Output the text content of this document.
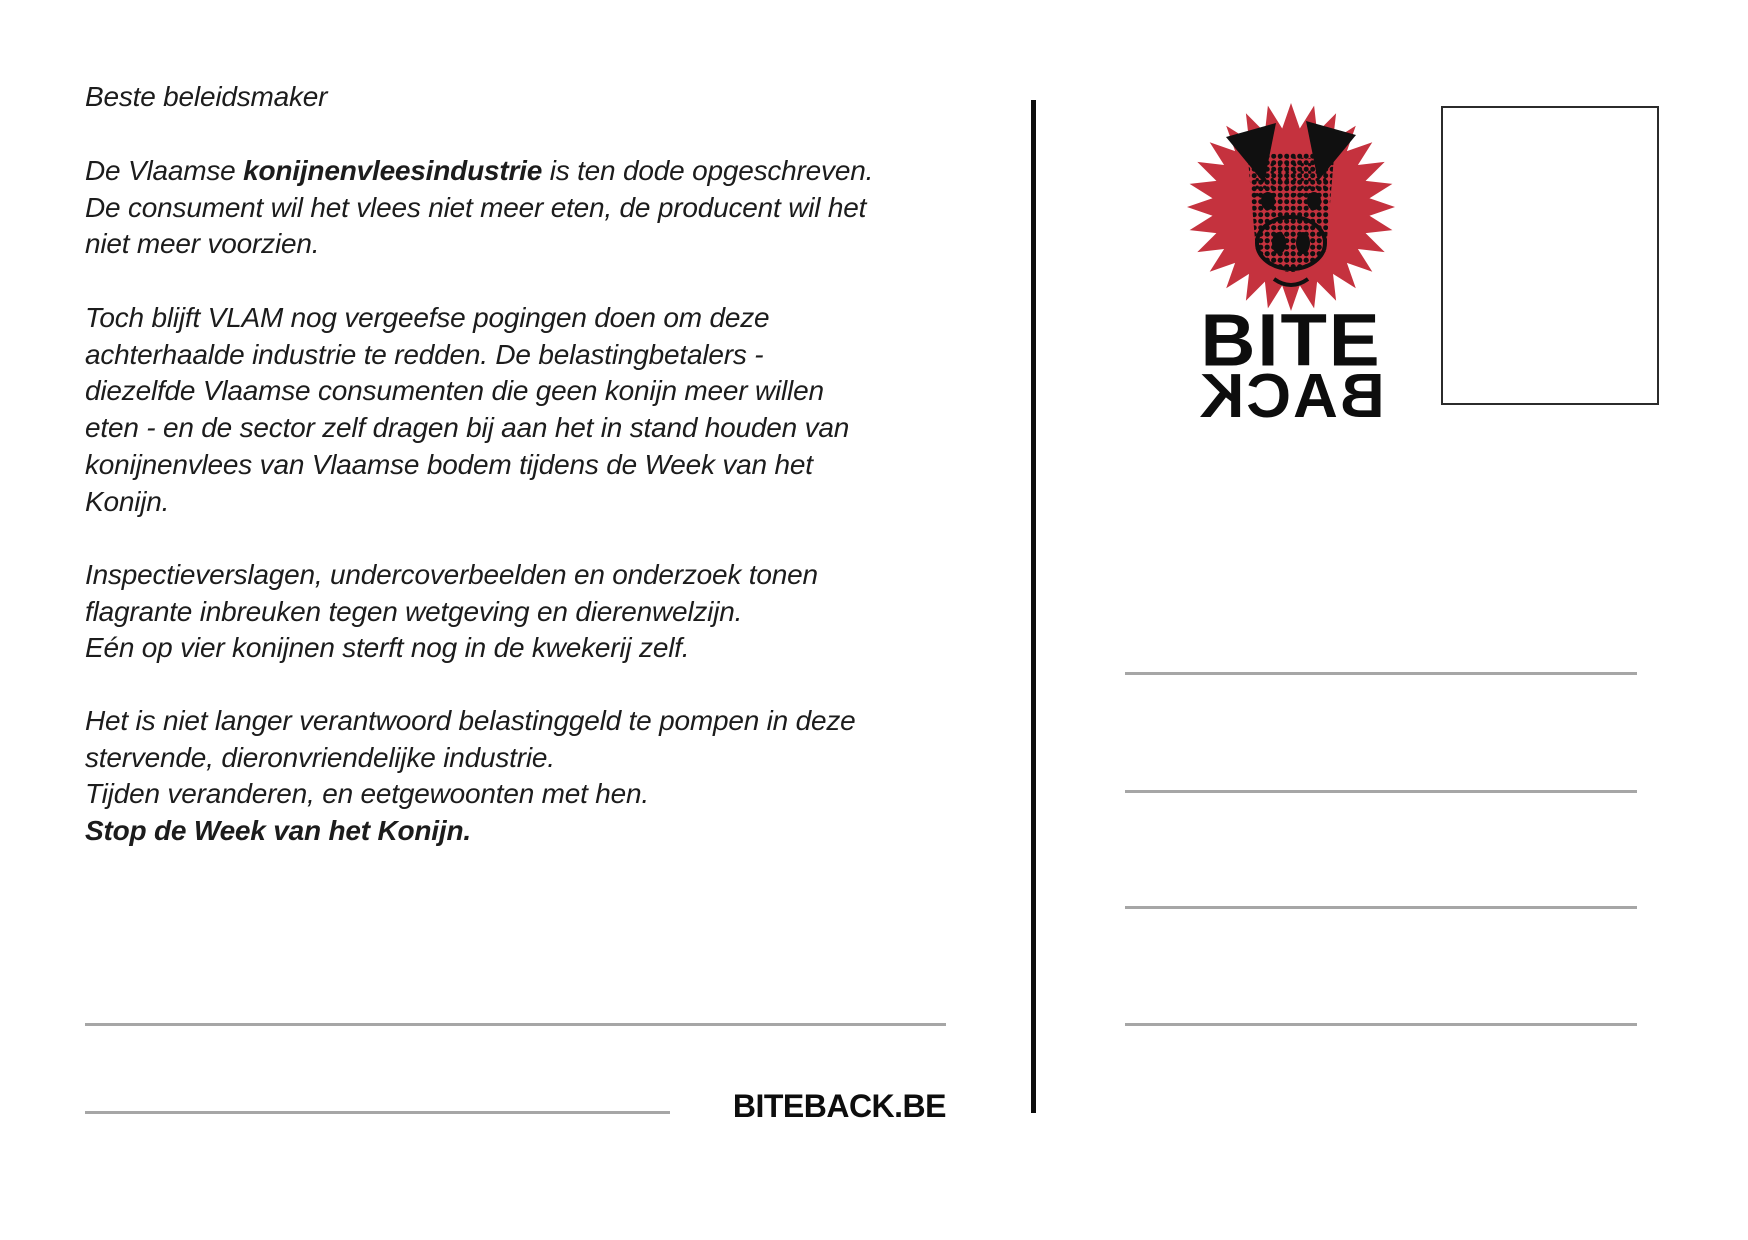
Beste beleidsmaker
De Vlaamse konijnenvleesindustrie is ten dode opgeschreven.
De consument wil het vlees niet meer eten, de producent wil het
niet meer voorzien.
Toch blijft VLAM nog vergeefse pogingen doen om deze
achterhaalde industrie te redden. De belastingbetalers -
diezelfde Vlaamse consumenten die geen konijn meer willen
eten - en de sector zelf dragen bij aan het in stand houden van
konijnenvlees van Vlaamse bodem tijdens de Week van het
Konijn.
Inspectieverslagen, undercoverbeelden en onderzoek tonen
flagrante inbreuken tegen wetgeving en dierenwelzijn.
Eén op vier konijnen sterft nog in de kwekerij zelf.
Het is niet langer verantwoord belastinggeld te pompen in deze
stervende, dieronvriendelijke industrie.
Tijden veranderen, en eetgewoonten met hen.
Stop de Week van het Konijn.
BITEBACK.BE
BITE
BACK
